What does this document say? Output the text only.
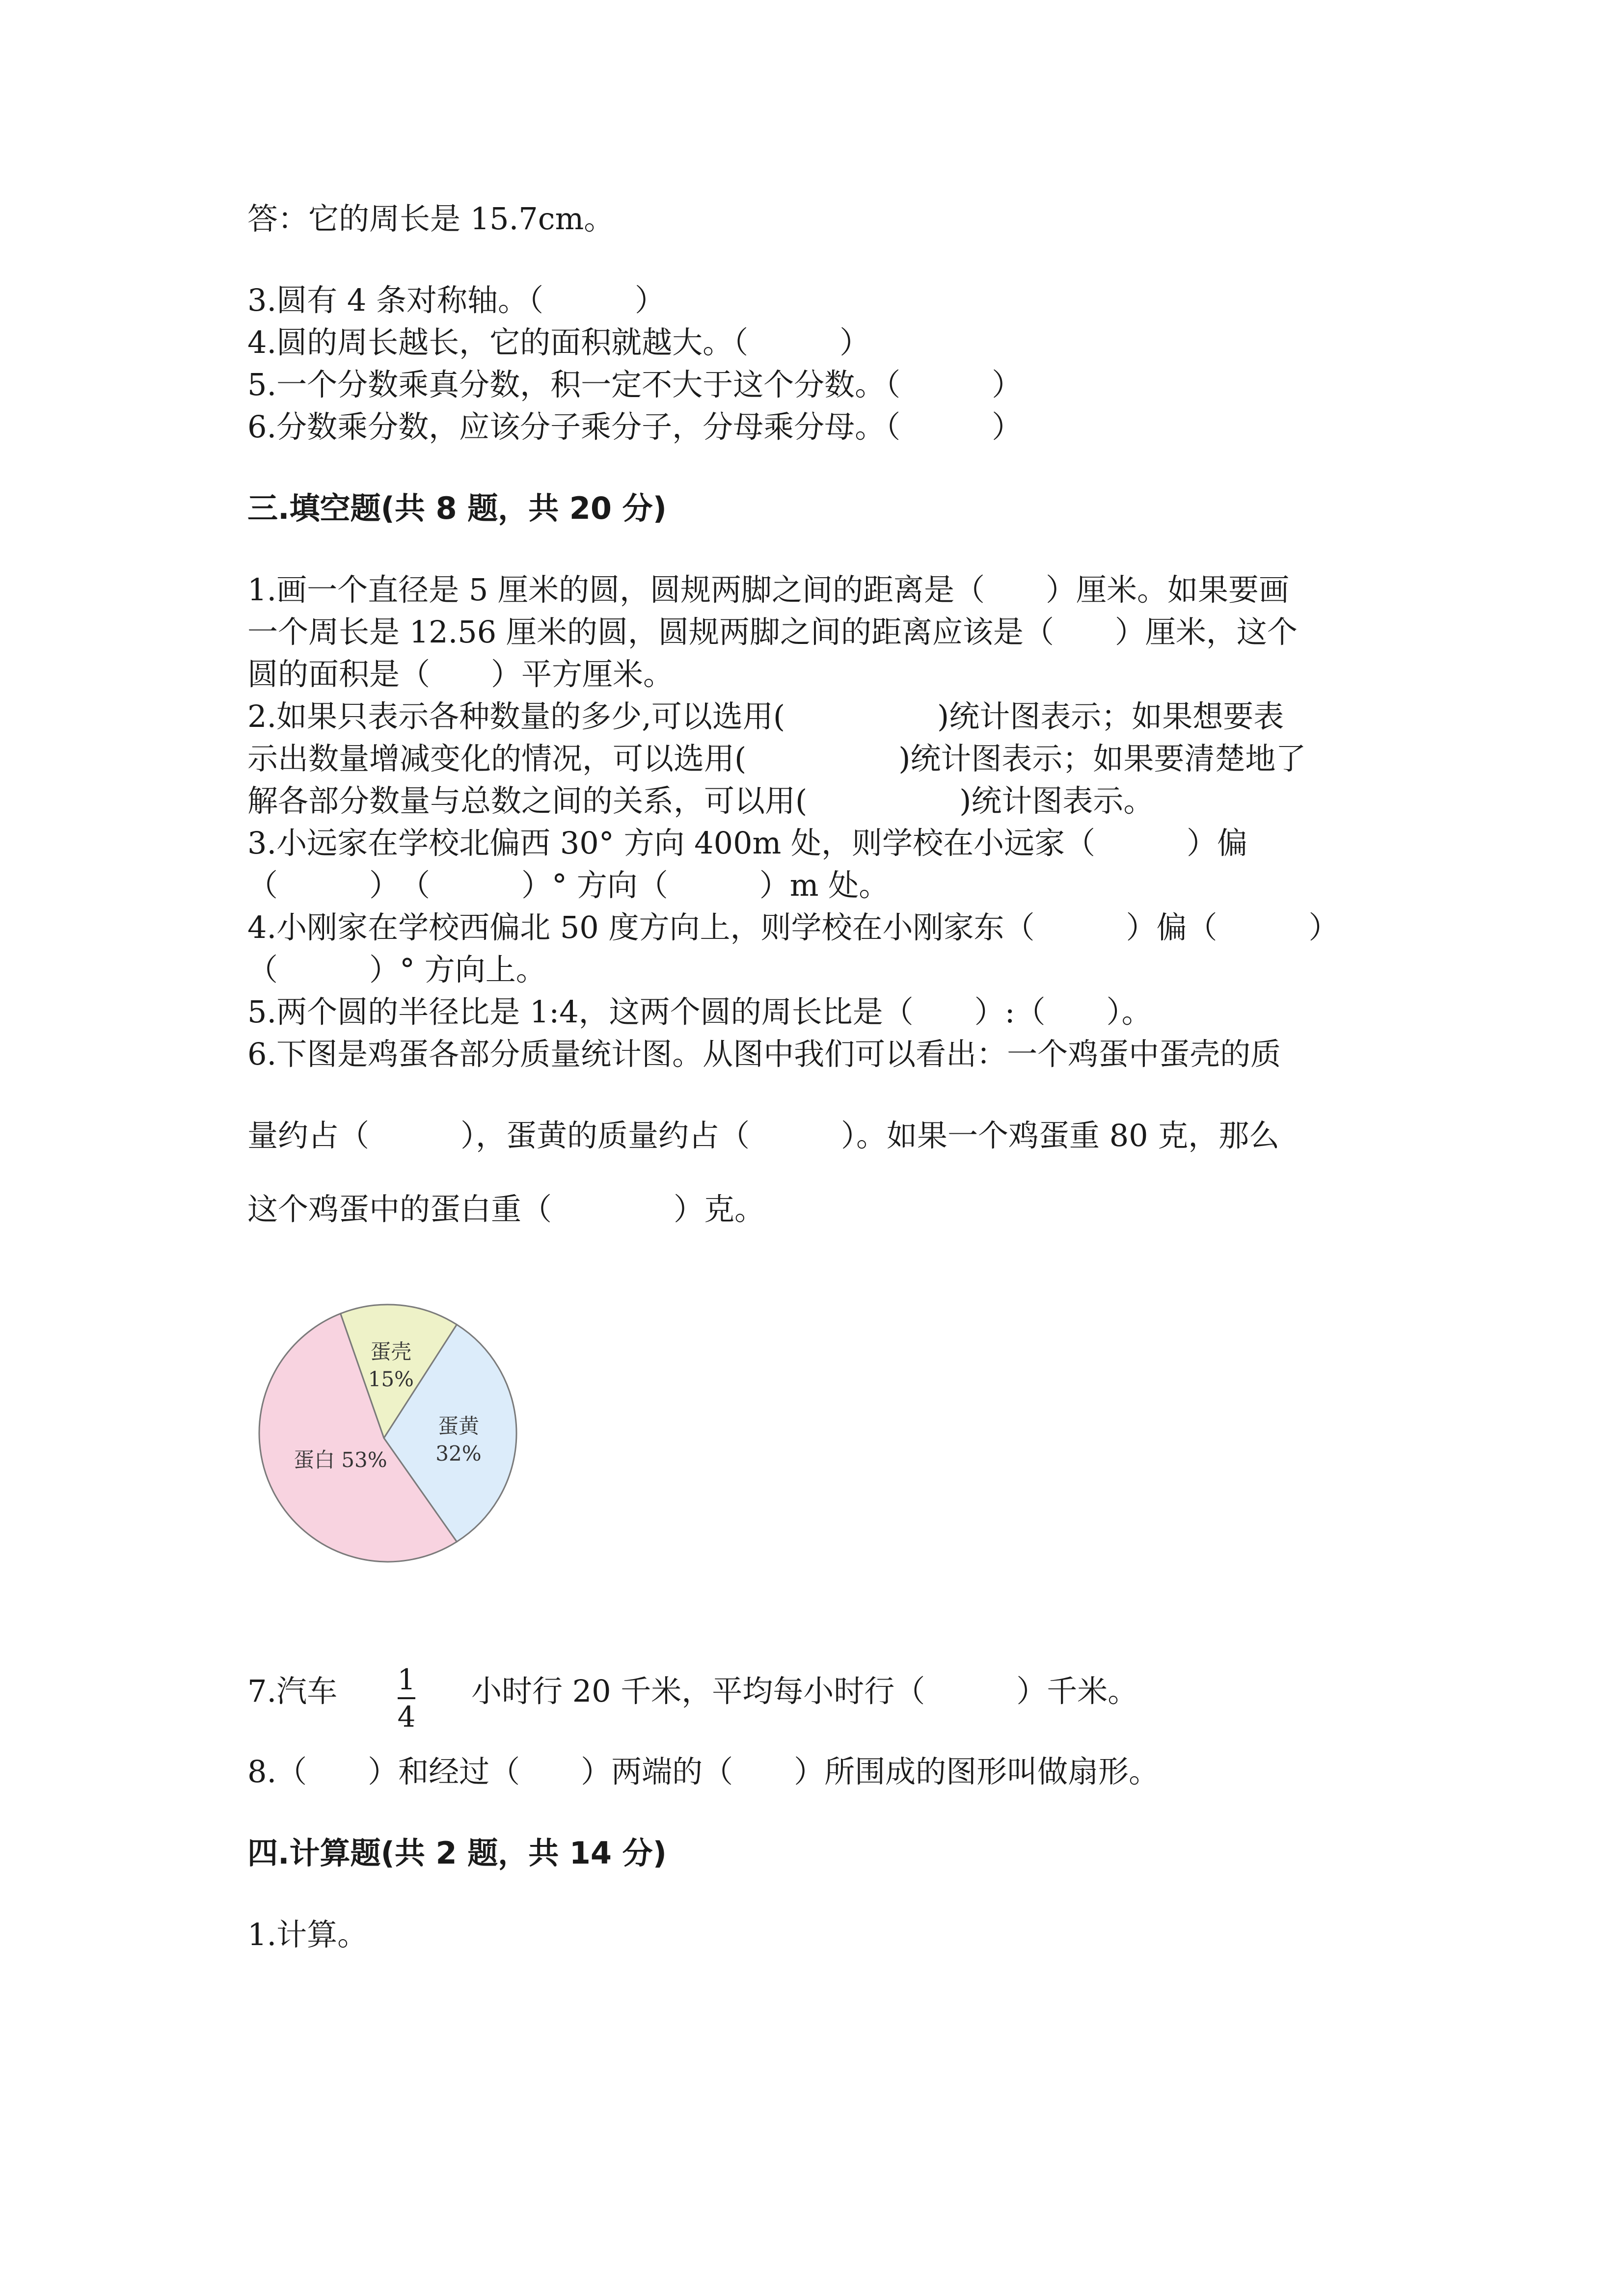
答：它的周长是 15.7cm。
3.圆有 4 条对称轴。（　　　）
4.圆的周长越长，它的面积就越大。（　　　）
5.一个分数乘真分数，积一定不大于这个分数。（　　　）
6.分数乘分数，应该分子乘分子，分母乘分母。（　　　）
三.填空题(共 8 题，共 20 分)
1.画一个直径是 5 厘米的圆，圆规两脚之间的距离是（　　）厘米。如果要画
一个周长是 12.56 厘米的圆，圆规两脚之间的距离应该是（　　）厘米，这个
圆的面积是（　　）平方厘米。
2.如果只表示各种数量的多少,可以选用(　　　　　)统计图表示；如果想要表
示出数量增减变化的情况，可以选用(　　　　　)统计图表示；如果要清楚地了
解各部分数量与总数之间的关系，可以用(　　　　　)统计图表示。
3.小远家在学校北偏西 30° 方向 400m 处，则学校在小远家（　　　）偏
（　　　）　（　　　）° 方向（　　　）m 处。
4.小刚家在学校西偏北 50 度方向上，则学校在小刚家东（　　　）偏（　　　）
（　　　）° 方向上。
5.两个圆的半径比是 1:4，这两个圆的周长比是（　　）:（　　）。
6.下图是鸡蛋各部分质量统计图。从图中我们可以看出：一个鸡蛋中蛋壳的质
量约占（　　　），蛋黄的质量约占（　　　）。如果一个鸡蛋重 80 克，那么
这个鸡蛋中的蛋白重（　　　　）克。
蛋壳 15%
蛋黄 32%
蛋白 53%
7.汽车 1
4
小时行 20 千米，平均每小时行（　　　）千米。
8.（　　）和经过（　　）两端的（　　）所围成的图形叫做扇形。
四.计算题(共 2 题，共 14 分)
1.计算。
